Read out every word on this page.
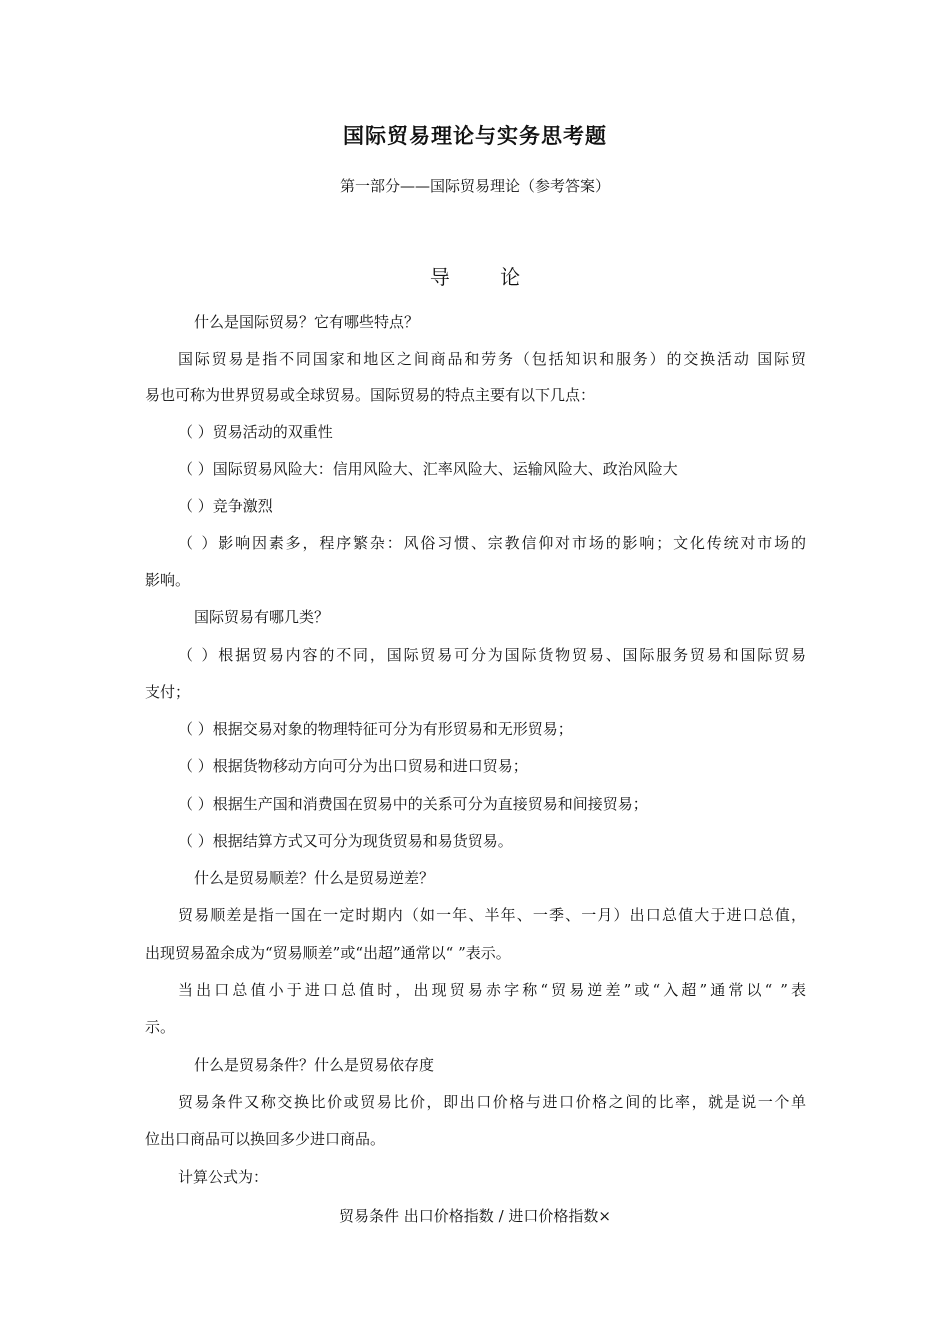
国际贸易理论与实务思考题
第一部分——国际贸易理论（参考答案）
导 论
什么是国际贸易？它有哪些特点？
国际贸易是指不同国家和地区之间商品和劳务（包括知识和服务）的交换活动 国际贸
易也可称为世界贸易或全球贸易。国际贸易的特点主要有以下几点：
（ ）贸易活动的双重性
（ ）国际贸易风险大：信用风险大、汇率风险大、运输风险大、政治风险大
（ ）竞争激烈
（ ）影响因素多，程序繁杂：风俗习惯、宗教信仰对市场的影响；文化传统对市场的
影响。
国际贸易有哪几类？
（ ）根据贸易内容的不同，国际贸易可分为国际货物贸易、国际服务贸易和国际贸易
支付；
（ ）根据交易对象的物理特征可分为有形贸易和无形贸易；
（ ）根据货物移动方向可分为出口贸易和进口贸易；
（ ）根据生产国和消费国在贸易中的关系可分为直接贸易和间接贸易；
（ ）根据结算方式又可分为现货贸易和易货贸易。
什么是贸易顺差？什么是贸易逆差？
贸易顺差是指一国在一定时期内（如一年、半年、一季、一月）出口总值大于进口总值，
出现贸易盈余成为“贸易顺差”或“出超”通常以“ ”表示。
当出口总值小于进口总值时，出现贸易赤字称“贸易逆差”或“入超”通常以“ ”表
示。
什么是贸易条件？什么是贸易依存度
贸易条件又称交换比价或贸易比价，即出口价格与进口价格之间的比率，就是说一个单
位出口商品可以换回多少进口商品。
计算公式为：
贸易条件 出口价格指数 / 进口价格指数×
